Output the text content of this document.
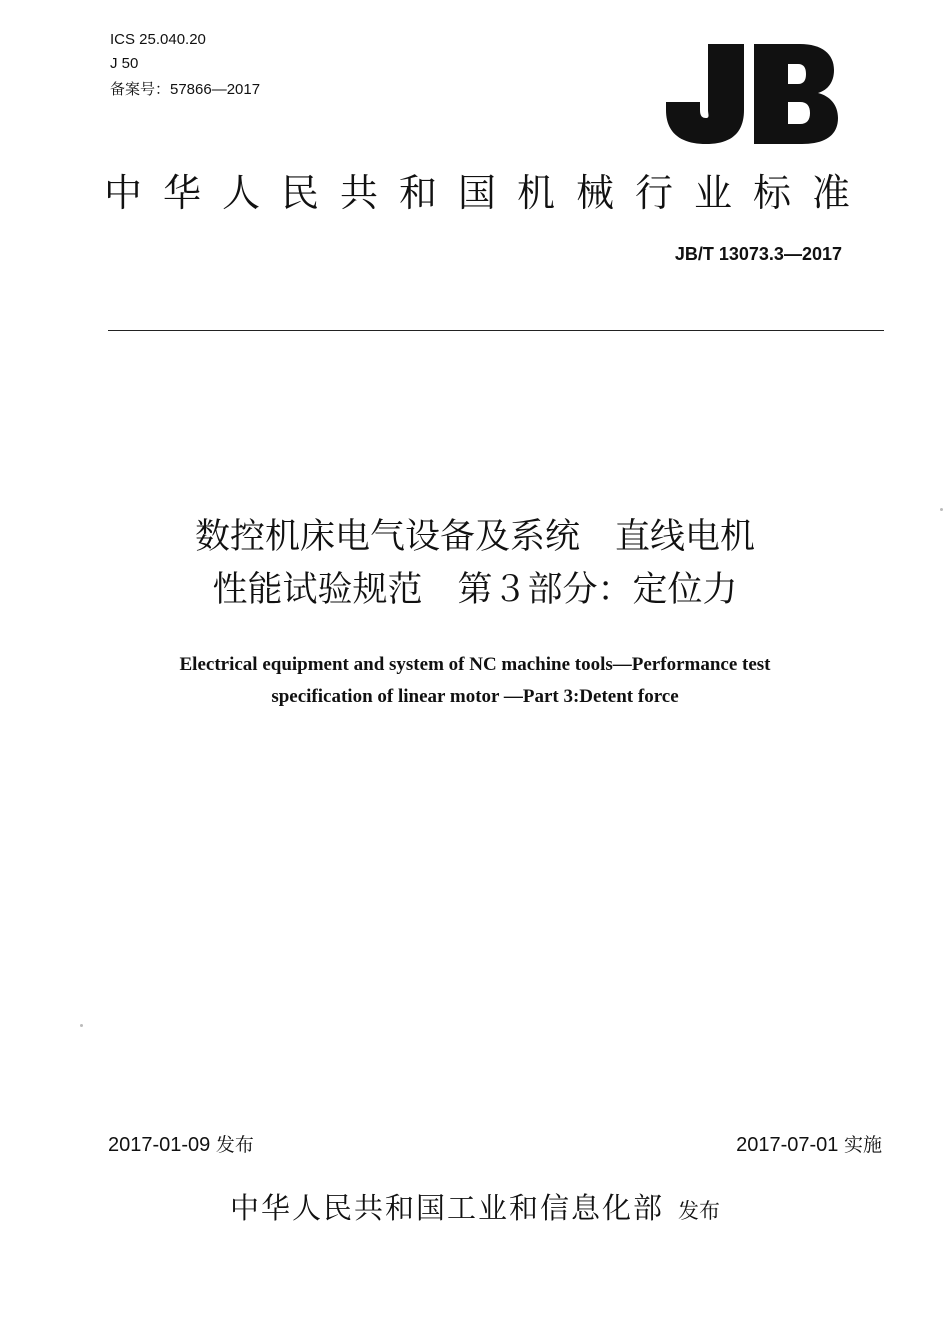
ICS 25.040.20
J 50
备案号：57866—2017
中华人民共和国机械行业标准
JB/T 13073.3—2017
数控机床电气设备及系统　直线电机
性能试验规范　第３部分：定位力
Electrical equipment and system of NC machine tools—Performance test
specification of linear motor —Part 3:Detent force
2017-01-09 发布	2017-07-01 实施
中华人民共和国工业和信息化部 发布
